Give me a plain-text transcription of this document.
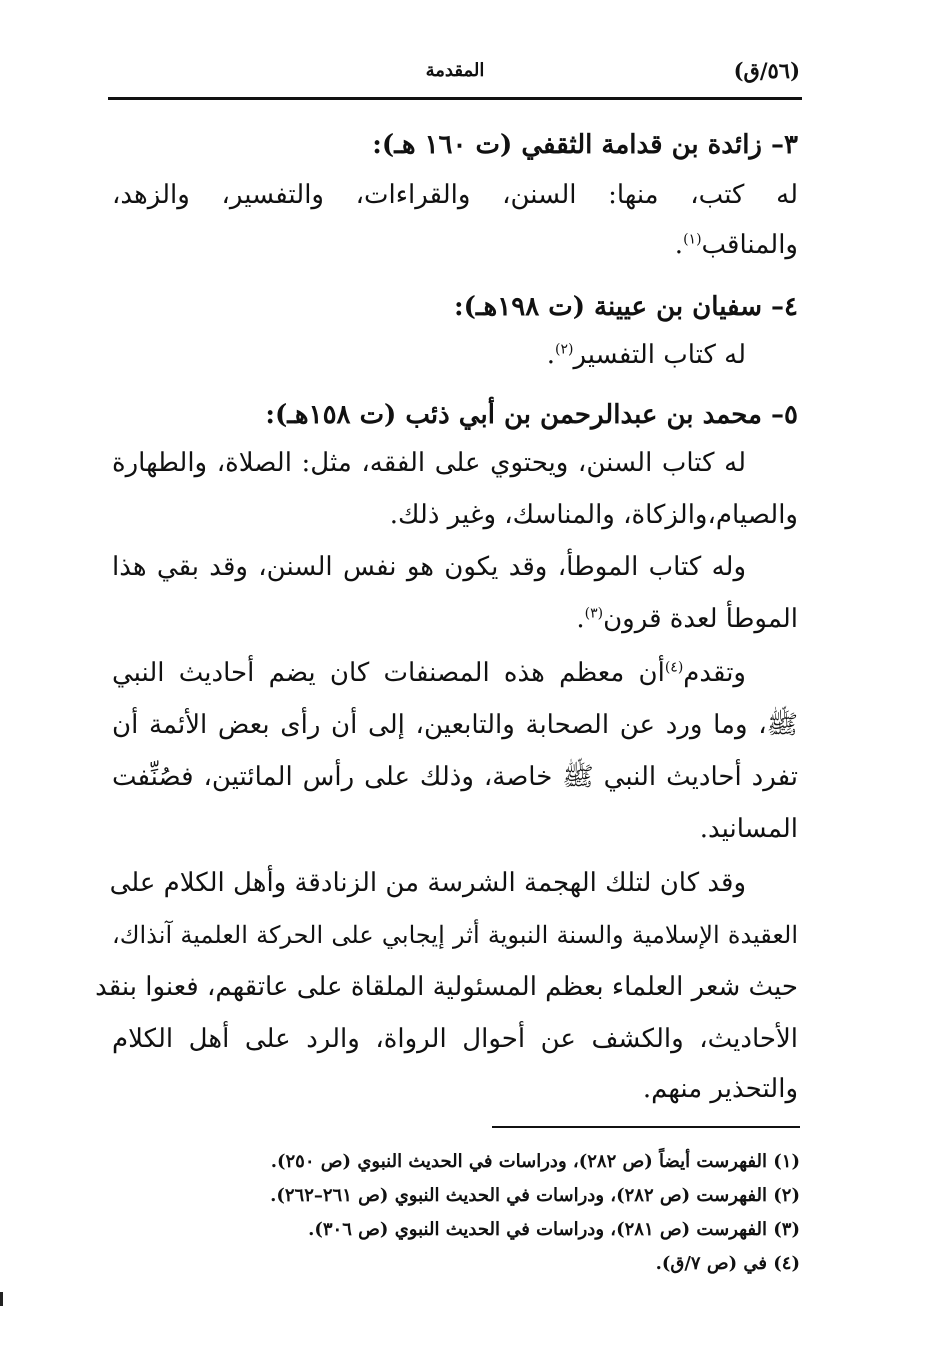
(٥٦/ق)
المقدمة
٣– زائدة بن قدامة الثقفي (ت ١٦٠ هـ):
له كتب، منها: السنن، والقراءات، والتفسير، والزهد،
والمناقب$^{(١)}$.
٤– سفيان بن عيينة (ت ١٩٨هـ):
له كتاب التفسير$^{(٢)}$.
٥– محمد بن عبدالرحمن بن أبي ذئب (ت ١٥٨هـ):
له كتاب السنن، ويحتوي على الفقه، مثل: الصلاة، والطهارة
والصيام،والزكاة، والمناسك، وغير ذلك.
وله كتاب الموطأ، وقد يكون هو نفس السنن، وقد بقي هذا
الموطأ لعدة قرون$^{(٣)}$.
وتقدم$^{(٤)}$أن معظم هذه المصنفات كان يضم أحاديث النبي
ﷺ، وما ورد عن الصحابة والتابعين، إلى أن رأى بعض الأئمة أن
تفرد أحاديث النبي ﷺ خاصة، وذلك على رأس المائتين، فصُنِّفت
المسانيد.
وقد كان لتلك الهجمة الشرسة من الزنادقة وأهل الكلام على
العقيدة الإسلامية والسنة النبوية أثر إيجابي على الحركة العلمية آنذاك،
حيث شعر العلماء بعظم المسئولية الملقاة على عاتقهم، فعنوا بنقد
الأحاديث، والكشف عن أحوال الرواة، والرد على أهل الكلام
والتحذير منهم.
(١) الفهرست أيضاً (ص ٢٨٢)، ودراسات في الحديث النبوي (ص ٢٥٠).
(٢) الفهرست (ص ٢٨٢)، ودراسات في الحديث النبوي (ص ٢٦١–٢٦٢).
(٣) الفهرست (ص ٢٨١)، ودراسات في الحديث النبوي (ص ٣٠٦).
(٤) في (ص ٧/ق).
